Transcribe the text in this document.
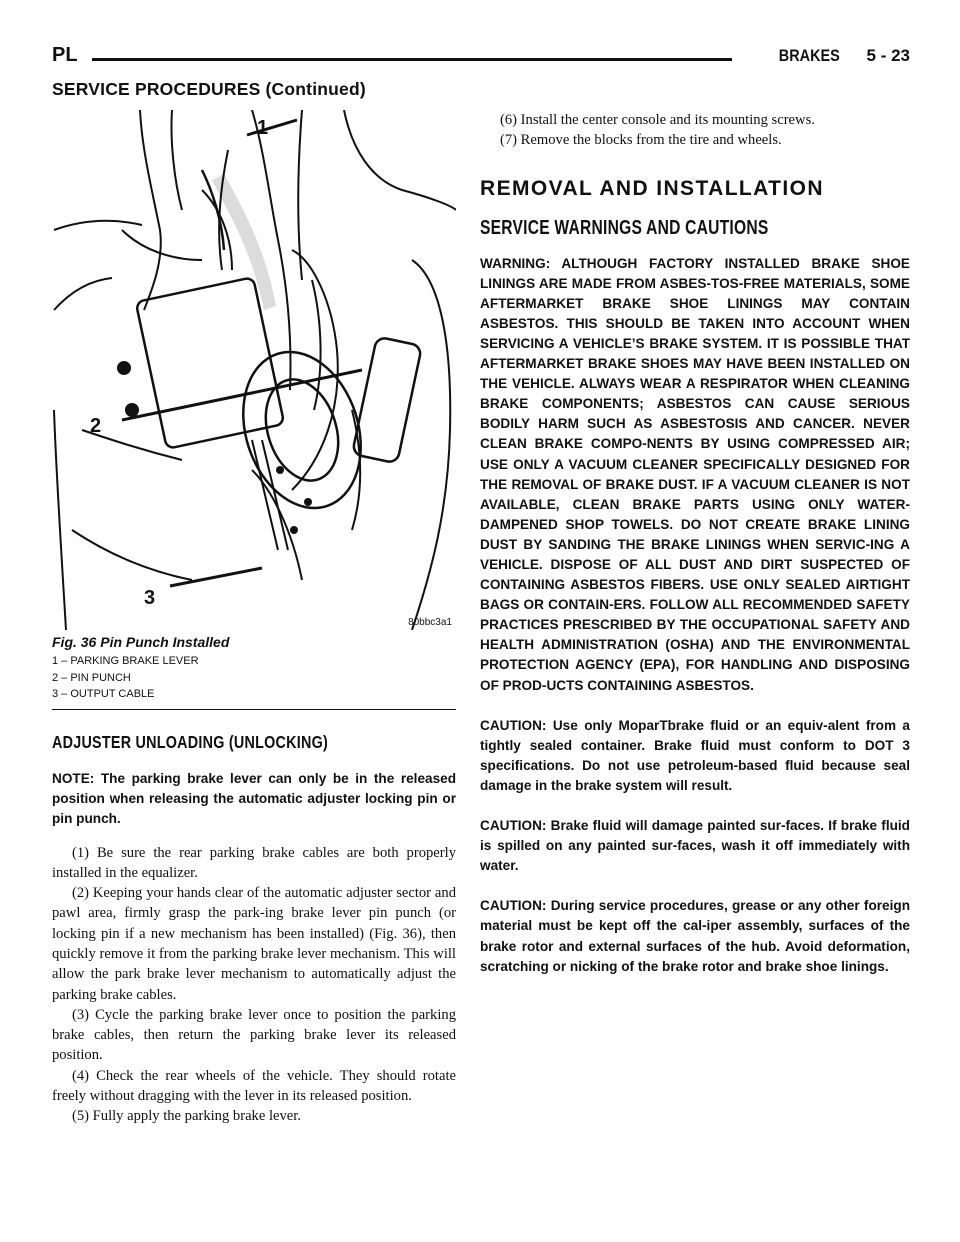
PL	BRAKES 5 - 23
SERVICE PROCEDURES (Continued)
1
2
3
80bbc3a1
Fig. 36 Pin Punch Installed
1 – PARKING BRAKE LEVER
2 – PIN PUNCH
3 – OUTPUT CABLE
ADJUSTER UNLOADING (UNLOCKING)
NOTE: The parking brake lever can only be in the released position when releasing the automatic adjuster locking pin or pin punch.

(1) Be sure the rear parking brake cables are both properly installed in the equalizer.

(2) Keeping your hands clear of the automatic adjuster sector and pawl area, firmly grasp the park-ing brake lever pin punch (or locking pin if a new mechanism has been installed) (Fig. 36), then quickly remove it from the parking brake lever mechanism. This will allow the park brake lever mechanism to automatically adjust the parking brake cables.

(3) Cycle the parking brake lever once to position the parking brake cables, then return the parking brake lever its released position.

(4) Check the rear wheels of the vehicle. They should rotate freely without dragging with the lever in its released position.

(5) Fully apply the parking brake lever.

(6) Install the center console and its mounting screws.

(7) Remove the blocks from the tire and wheels.

REMOVAL AND INSTALLATION
SERVICE WARNINGS AND CAUTIONS
WARNING: ALTHOUGH FACTORY INSTALLED BRAKE SHOE LININGS ARE MADE FROM ASBES-TOS-FREE MATERIALS, SOME AFTERMARKET BRAKE SHOE LININGS MAY CONTAIN ASBESTOS. THIS SHOULD BE TAKEN INTO ACCOUNT WHEN SERVICING A VEHICLE’S BRAKE SYSTEM. IT IS POSSIBLE THAT AFTERMARKET BRAKE SHOES MAY HAVE BEEN INSTALLED ON THE VEHICLE. ALWAYS WEAR A RESPIRATOR WHEN CLEANING BRAKE COMPONENTS; ASBESTOS CAN CAUSE SERIOUS BODILY HARM SUCH AS ASBESTOSIS AND CANCER. NEVER CLEAN BRAKE COMPO-NENTS BY USING COMPRESSED AIR; USE ONLY A VACUUM CLEANER SPECIFICALLY DESIGNED FOR THE REMOVAL OF BRAKE DUST. IF A VACUUM CLEANER IS NOT AVAILABLE, CLEAN BRAKE PARTS USING ONLY WATER-DAMPENED SHOP TOWELS. DO NOT CREATE BRAKE LINING DUST BY SANDING THE BRAKE LININGS WHEN SERVIC-ING A VEHICLE. DISPOSE OF ALL DUST AND DIRT SUSPECTED OF CONTAINING ASBESTOS FIBERS. USE ONLY SEALED AIRTIGHT BAGS OR CONTAIN-ERS. FOLLOW ALL RECOMMENDED SAFETY PRACTICES PRESCRIBED BY THE OCCUPATIONAL SAFETY AND HEALTH ADMINISTRATION (OSHA) AND THE ENVIRONMENTAL PROTECTION AGENCY (EPA), FOR HANDLING AND DISPOSING OF PROD-UCTS CONTAINING ASBESTOS.
CAUTION: Use only MoparTbrake fluid or an equiv-alent from a tightly sealed container. Brake fluid must conform to DOT 3 specifications. Do not use petroleum-based fluid because seal damage in the brake system will result.
CAUTION: Brake fluid will damage painted sur-faces. If brake fluid is spilled on any painted sur-faces, wash it off immediately with water.
CAUTION: During service procedures, grease or any other foreign material must be kept off the cal-iper assembly, surfaces of the brake rotor and external surfaces of the hub. Avoid deformation, scratching or nicking of the brake rotor and brake shoe linings.
